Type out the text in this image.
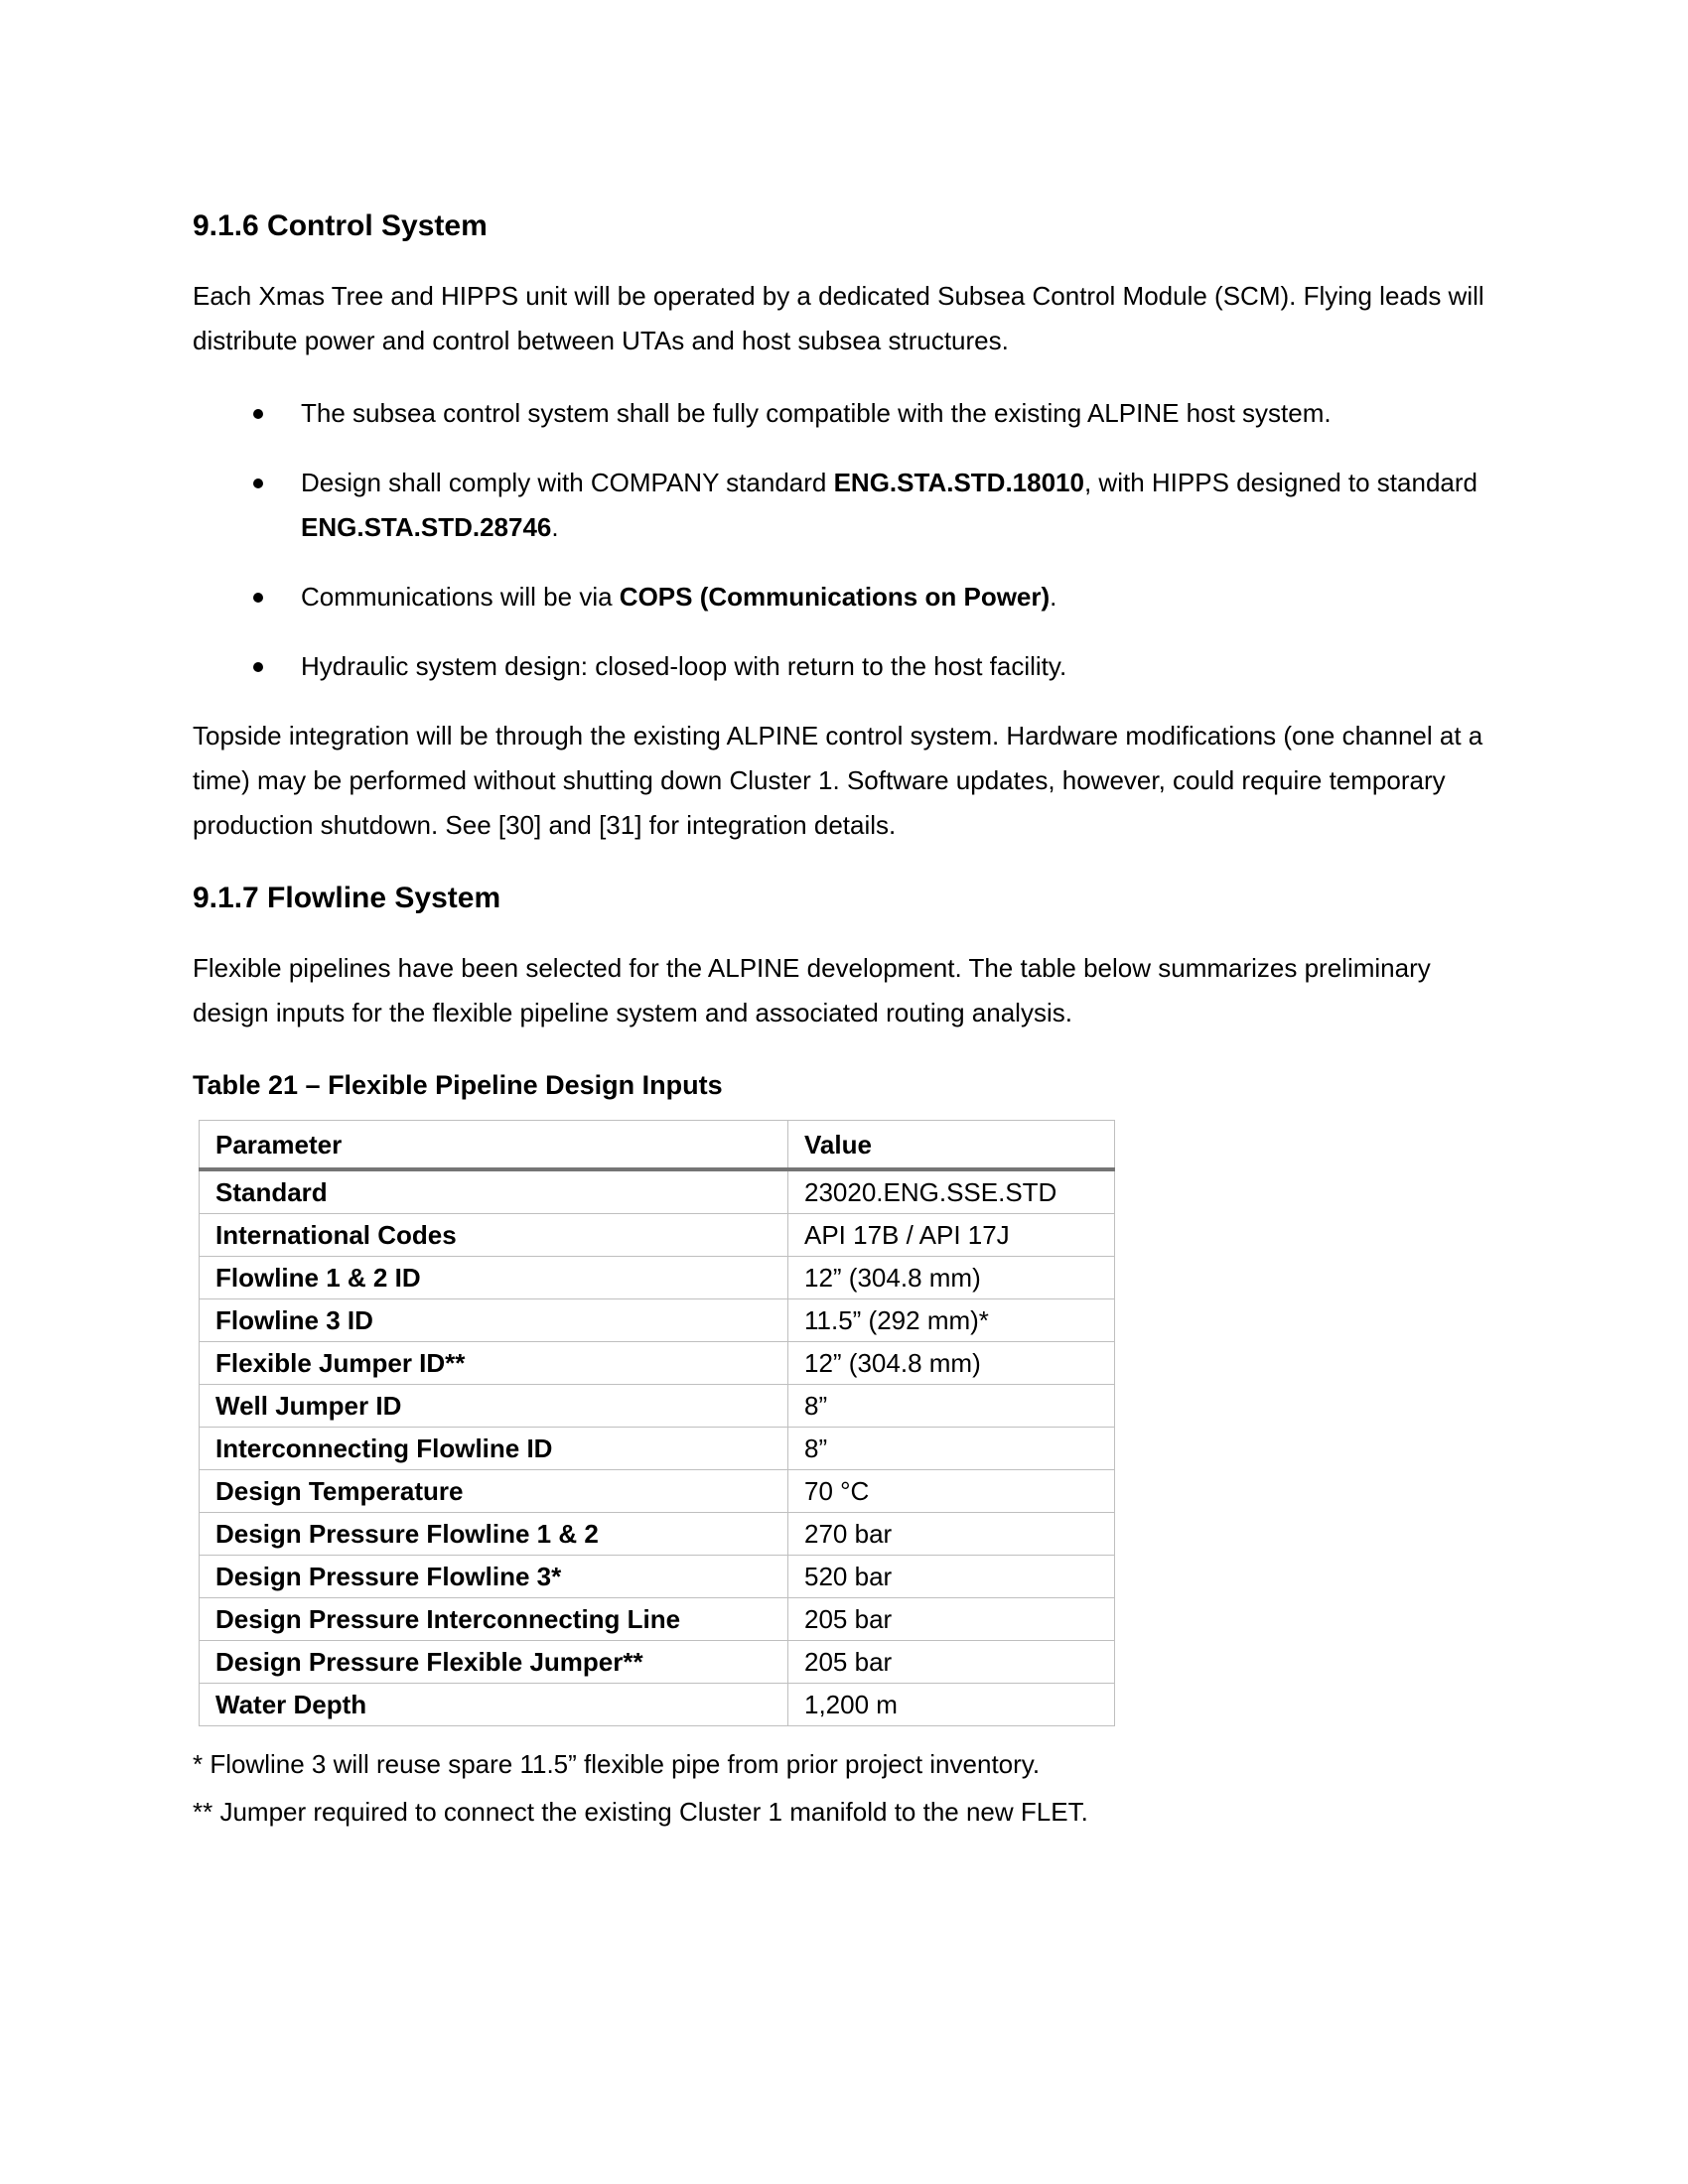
9.1.6 Control System

Each Xmas Tree and HIPPS unit will be operated by a dedicated Subsea Control Module (SCM). Flying leads will distribute power and control between UTAs and host subsea structures.

The subsea control system shall be fully compatible with the existing ALPINE host system.
Design shall comply with COMPANY standard ENG.STA.STD.18010, with HIPPS designed to standard ENG.STA.STD.28746.
Communications will be via COPS (Communications on Power).
Hydraulic system design: closed-loop with return to the host facility.

Topside integration will be through the existing ALPINE control system. Hardware modifications (one channel at a time) may be performed without shutting down Cluster 1. Software updates, however, could require temporary production shutdown. See [30] and [31] for integration details.

9.1.7 Flowline System

Flexible pipelines have been selected for the ALPINE development. The table below summarizes preliminary design inputs for the flexible pipeline system and associated routing analysis.

Table 21 – Flexible Pipeline Design Inputs

Parameter	Value
Standard	23020.ENG.SSE.STD
International Codes	API 17B / API 17J
Flowline 1 & 2 ID	12” (304.8 mm)
Flowline 3 ID	11.5” (292 mm)*
Flexible Jumper ID**	12” (304.8 mm)
Well Jumper ID	8”
Interconnecting Flowline ID	8”
Design Temperature	70 °C
Design Pressure Flowline 1 & 2	270 bar
Design Pressure Flowline 3*	520 bar
Design Pressure Interconnecting Line	205 bar
Design Pressure Flexible Jumper**	205 bar
Water Depth	1,200 m

* Flowline 3 will reuse spare 11.5” flexible pipe from prior project inventory.

** Jumper required to connect the existing Cluster 1 manifold to the new FLET.
